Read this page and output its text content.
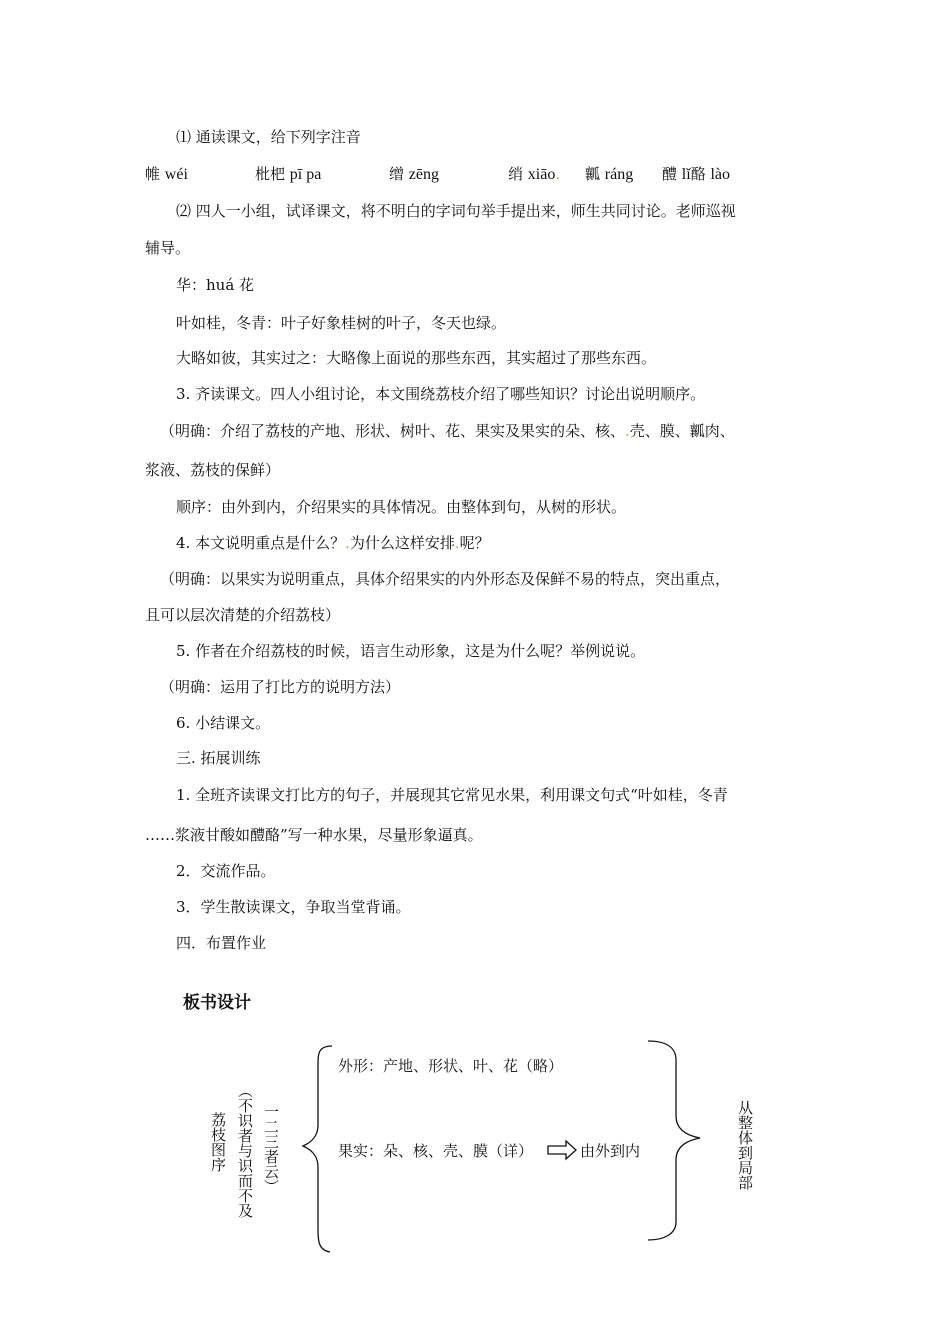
⑴ 通读课文，给下列字注音
帷 wéi	枇杷 pī pa	缯 zēng	绡 xiāo. 瓤 ráng 醴 lǐ酪 lào
⑵ 四人一小组，试译课文，将不明白的字词句举手提出来，师生共同讨论。老师巡视
辅导。
华：huá 花
叶如桂，冬青：叶子好象桂树的叶子，冬天也绿。
大略如彼，其实过之：大略像上面说的那些东西，其实超过了那些东西。
3. 齐读课文。四人小组讨论，本文围绕荔枝介绍了哪些知识？讨论出说明顺序。
（明确：介绍了荔枝的产地、形状、树叶、花、果实及果实的朵、核、.壳、膜、瓤肉、
浆液、荔枝的保鲜）
顺序：由外到内，介绍果实的具体情况。由整体到句，从树的形状。
4. 本文说明重点是什么？.为什么这样安排.呢？
（明确：以果实为说明重点，具体介绍果实的内外形态及保鲜不易的特点，突出重点，
且可以层次清楚的介绍荔枝）
5. 作者在介绍荔枝的时候，语言生动形象，这是为什么呢？举例说说。
（明确：运用了打比方的说明方法）
6. 小结课文。
三. 拓展训练
1. 全班齐读课文打比方的句子，并展现其它常见水果，利用课文句式“叶如桂，冬青
……浆液甘酸如醴酪”写一种水果，尽量形象逼真。
2．交流作品。
3．学生散读课文，争取当堂背诵。
四．布置作业
板书设计
荔枝图序 （不识者与识而不及 一二三者云）
外形：产地、形状、叶、花（略）
果实：朵、核、壳、膜（详）	由外到内	从整体到局部
